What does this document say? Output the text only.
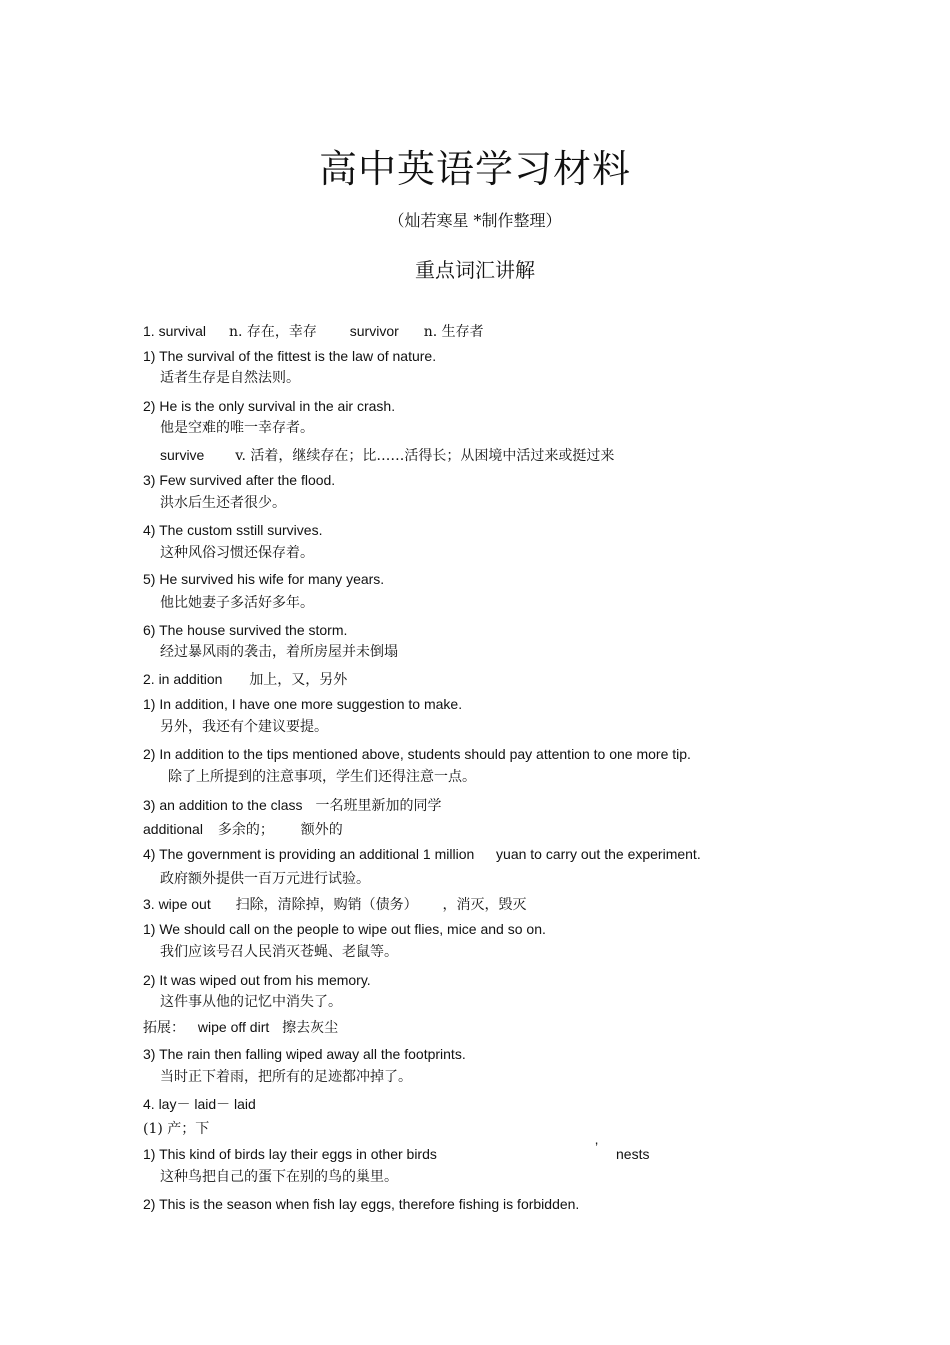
高中英语学习材料
（灿若寒星 *制作整理）
重点词汇讲解
1. survival n. 存在，幸存 survivor n. 生存者
1) The survival of the fittest is the law of nature.
适者生存是自然法则。
2) He is the only survival in the air crash.
他是空难的唯一幸存者。
survive v. 活着，继续存在；比……活得长；从困境中活过来或挺过来
3) Few survived after the flood.
洪水后生还者很少。
4) The custom sstill survives.
这种风俗习惯还保存着。
5) He survived his wife for many years.
他比她妻子多活好多年。
6) The house survived the storm.
经过暴风雨的袭击，着所房屋并未倒塌
2. in addition 加上，又，另外
1) In addition, I have one more suggestion to make.
另外，我还有个建议要提。
2) In addition to the tips mentioned above, students should pay attention to one more tip.
除了上所提到的注意事项，学生们还得注意一点。
3) an addition to the class 一名班里新加的同学
additional 多余的； 额外的
4) The government is providing an additional 1 million yuan to carry out the experiment.
政府额外提供一百万元进行试验。
3. wipe out 扫除，清除掉，购销（债务） ，消灭，毁灭
1) We should call on the people to wipe out flies, mice and so on.
我们应该号召人民消灭苍蝇、老鼠等。
2) It was wiped out from his memory.
这件事从他的记忆中消失了。
拓展： wipe off dirt 擦去灰尘
3) The rain then falling wiped away all the footprints.
当时正下着雨，把所有的足迹都冲掉了。
4. lay－ laid－ laid
(1) 产；下
1) This kind of birds lay their eggs in other birds	’ nests
这种鸟把自己的蛋下在别的鸟的巢里。
2) This is the season when fish lay eggs, therefore fishing is forbidden.
